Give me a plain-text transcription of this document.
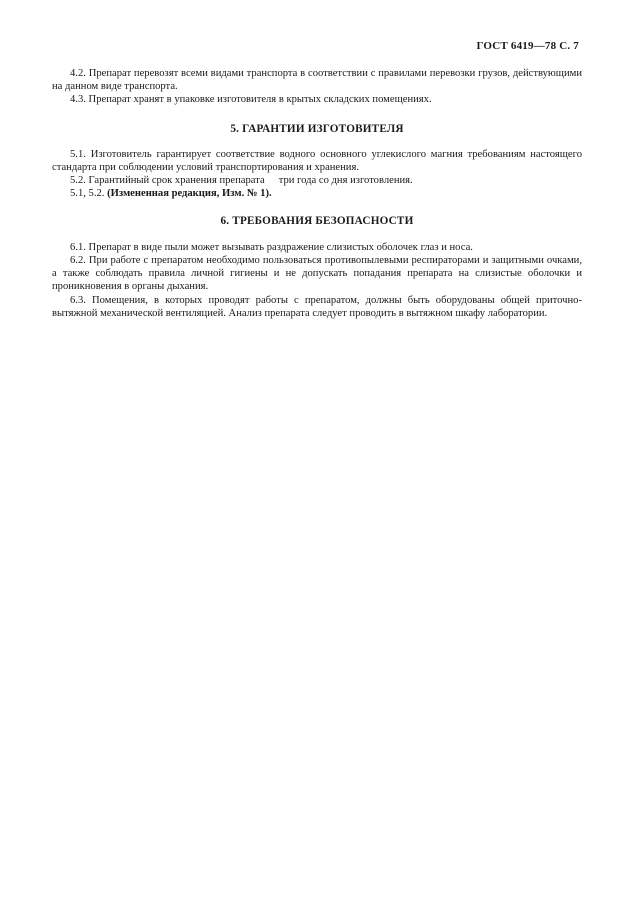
ГОСТ 6419—78 С. 7

4.2. Препарат перевозят всеми видами транспорта в соответствии с правилами перевозки грузов, действующими на данном виде транспорта.

4.3. Препарат хранят в упаковке изготовителя в крытых складских помещениях.

5. ГАРАНТИИ ИЗГОТОВИТЕЛЯ

5.1. Изготовитель гарантирует соответствие водного основного углекислого магния требованиям настоящего стандарта при соблюдении условий транспортирования и хранения.

5.2. Гарантийный срок хранения препарата три года со дня изготовления.

5.1, 5.2. (Измененная редакция, Изм. № 1).

6. ТРЕБОВАНИЯ БЕЗОПАСНОСТИ

6.1. Препарат в виде пыли может вызывать раздражение слизистых оболочек глаз и носа.

6.2. При работе с препаратом необходимо пользоваться противопылевыми респираторами и защитными очками, а также соблюдать правила личной гигиены и не допускать попадания препарата на слизистые оболочки и проникновения в органы дыхания.

6.3. Помещения, в которых проводят работы с препаратом, должны быть оборудованы общей приточно-вытяжной механической вентиляцией. Анализ препарата следует проводить в вытяжном шкафу лаборатории.
